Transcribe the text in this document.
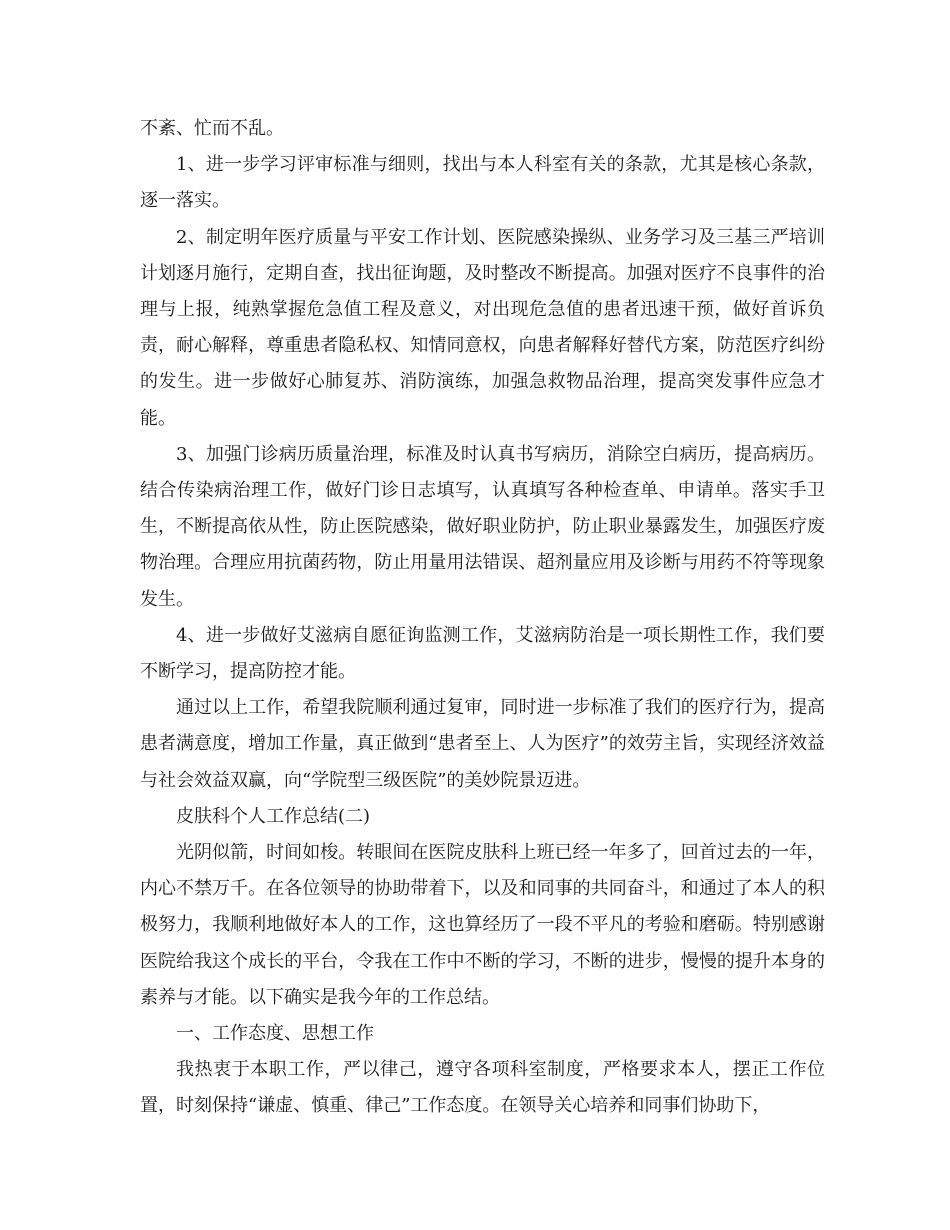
不紊、忙而不乱。

1、进一步学习评审标准与细则，找出与本人科室有关的条款，尤其是核心条款，逐一落实。

2、制定明年医疗质量与平安工作计划、医院感染操纵、业务学习及三基三严培训计划逐月施行，定期自查，找出征询题，及时整改不断提高。加强对医疗不良事件的治理与上报，纯熟掌握危急值工程及意义，对出现危急值的患者迅速干预，做好首诉负责，耐心解释，尊重患者隐私权、知情同意权，向患者解释好替代方案，防范医疗纠纷的发生。进一步做好心肺复苏、消防演练，加强急救物品治理，提高突发事件应急才能。

3、加强门诊病历质量治理，标准及时认真书写病历，消除空白病历，提高病历。结合传染病治理工作，做好门诊日志填写，认真填写各种检查单、申请单。落实手卫生，不断提高依从性，防止医院感染，做好职业防护，防止职业暴露发生，加强医疗废物治理。合理应用抗菌药物，防止用量用法错误、超剂量应用及诊断与用药不符等现象发生。

4、进一步做好艾滋病自愿征询监测工作，艾滋病防治是一项长期性工作，我们要不断学习，提高防控才能。

通过以上工作，希望我院顺利通过复审，同时进一步标准了我们的医疗行为，提高患者满意度，增加工作量，真正做到“患者至上、人为医疗”的效劳主旨，实现经济效益与社会效益双赢，向“学院型三级医院”的美妙院景迈进。

皮肤科个人工作总结(二)

光阴似箭，时间如梭。转眼间在医院皮肤科上班已经一年多了，回首过去的一年，内心不禁万千。在各位领导的协助带着下，以及和同事的共同奋斗，和通过了本人的积极努力，我顺利地做好本人的工作，这也算经历了一段不平凡的考验和磨砺。特别感谢医院给我这个成长的平台，令我在工作中不断的学习，不断的进步，慢慢的提升本身的素养与才能。以下确实是我今年的工作总结。

一、工作态度、思想工作

我热衷于本职工作，严以律己，遵守各项科室制度，严格要求本人，摆正工作位置，时刻保持“谦虚、慎重、律己”工作态度。在领导关心培养和同事们协助下，
